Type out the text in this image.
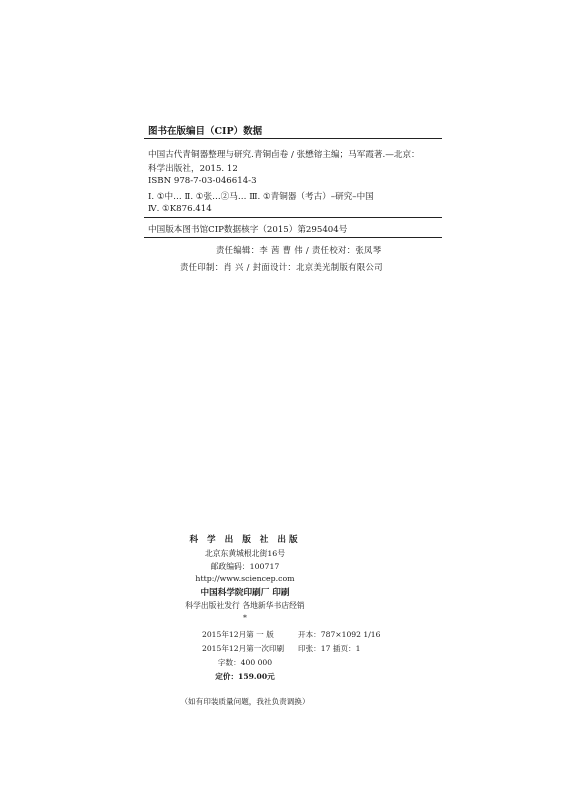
图书在版编目（CIP）数据
中国古代青铜器整理与研究.青铜卣卷 / 张懋镕主编；马军霞著.—北京：
科学出版社，2015. 12
ISBN 978-7-03-046614-3
Ⅰ. ①中… Ⅱ. ①张…②马… Ⅲ. ①青铜器（考古）–研究–中国
Ⅳ. ①K876.414
中国版本图书馆CIP数据核字（2015）第295404号
责任编辑：李 茜 曹 伟 / 责任校对：张凤琴
责任印制：肖 兴 / 封面设计：北京美光制版有限公司
科 学 出 版 社 出版
北京东黄城根北街16号
邮政编码：100717
http://www.sciencep.com
中国科学院印刷厂 印刷
科学出版社发行 各地新华书店经销
*
2015年12月第 一 版	开本：787×1092 1/16
2015年12月第一次印刷 印张：17 插页：1
字数：400 000
定价：159.00元
（如有印装质量问题，我社负责调换）
